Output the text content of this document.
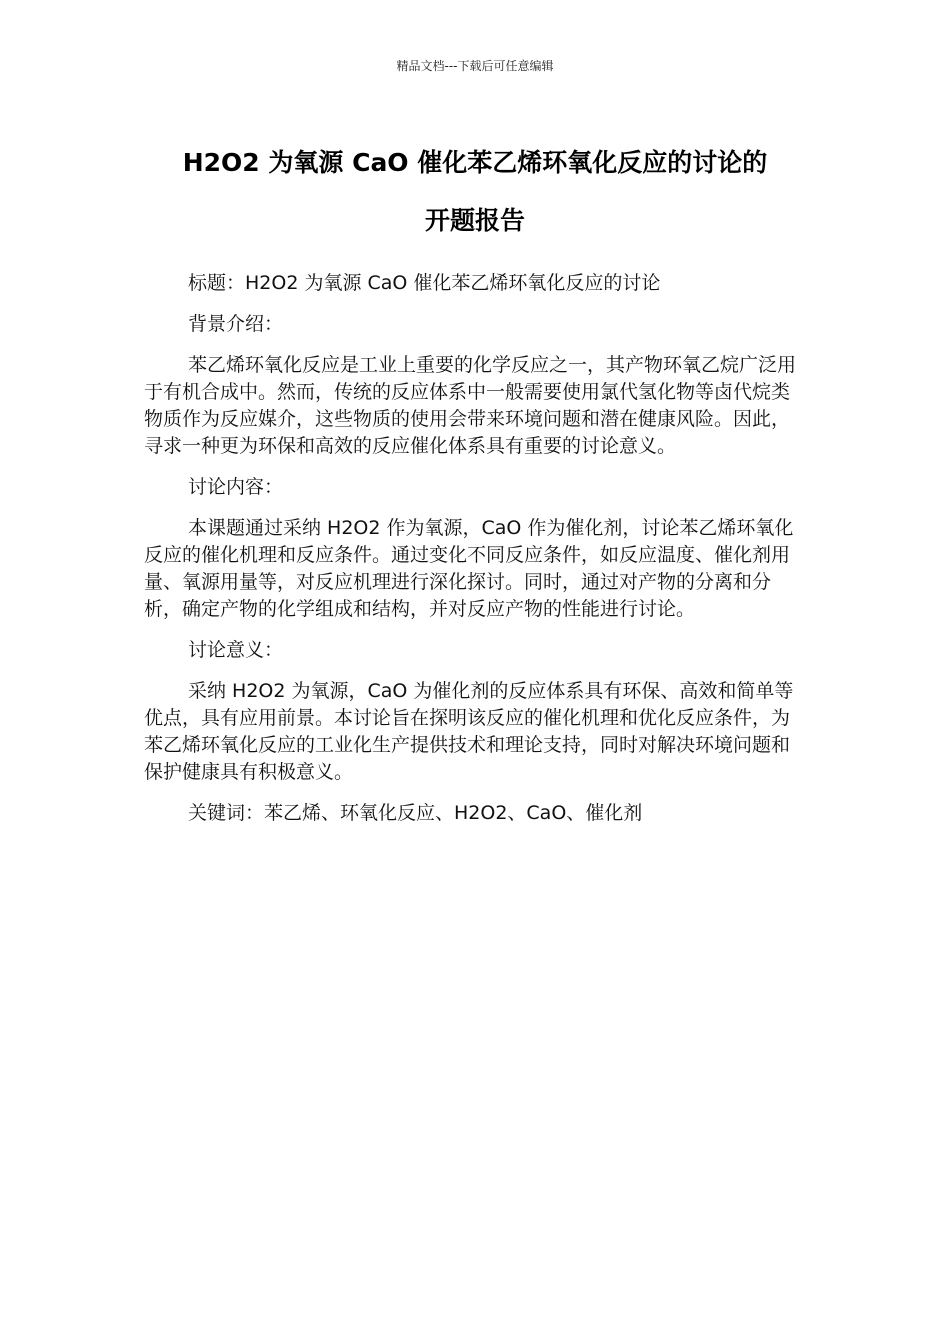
精品文档---下载后可任意编辑
H2O2 为氧源 CaO 催化苯乙烯环氧化反应的讨论的
开题报告

标题：H2O2 为氧源 CaO 催化苯乙烯环氧化反应的讨论

背景介绍：

苯乙烯环氧化反应是工业上重要的化学反应之一，其产物环氧乙烷广泛用于有机合成中。然而，传统的反应体系中一般需要使用氯代氢化物等卤代烷类物质作为反应媒介，这些物质的使用会带来环境问题和潜在健康风险。因此，寻求一种更为环保和高效的反应催化体系具有重要的讨论意义。

讨论内容：

本课题通过采纳 H2O2 作为氧源，CaO 作为催化剂，讨论苯乙烯环氧化反应的催化机理和反应条件。通过变化不同反应条件，如反应温度、催化剂用量、氧源用量等，对反应机理进行深化探讨。同时，通过对产物的分离和分析，确定产物的化学组成和结构，并对反应产物的性能进行讨论。

讨论意义：

采纳 H2O2 为氧源，CaO 为催化剂的反应体系具有环保、高效和简单等优点，具有应用前景。本讨论旨在探明该反应的催化机理和优化反应条件，为苯乙烯环氧化反应的工业化生产提供技术和理论支持，同时对解决环境问题和保护健康具有积极意义。

关键词：苯乙烯、环氧化反应、H2O2、CaO、催化剂
